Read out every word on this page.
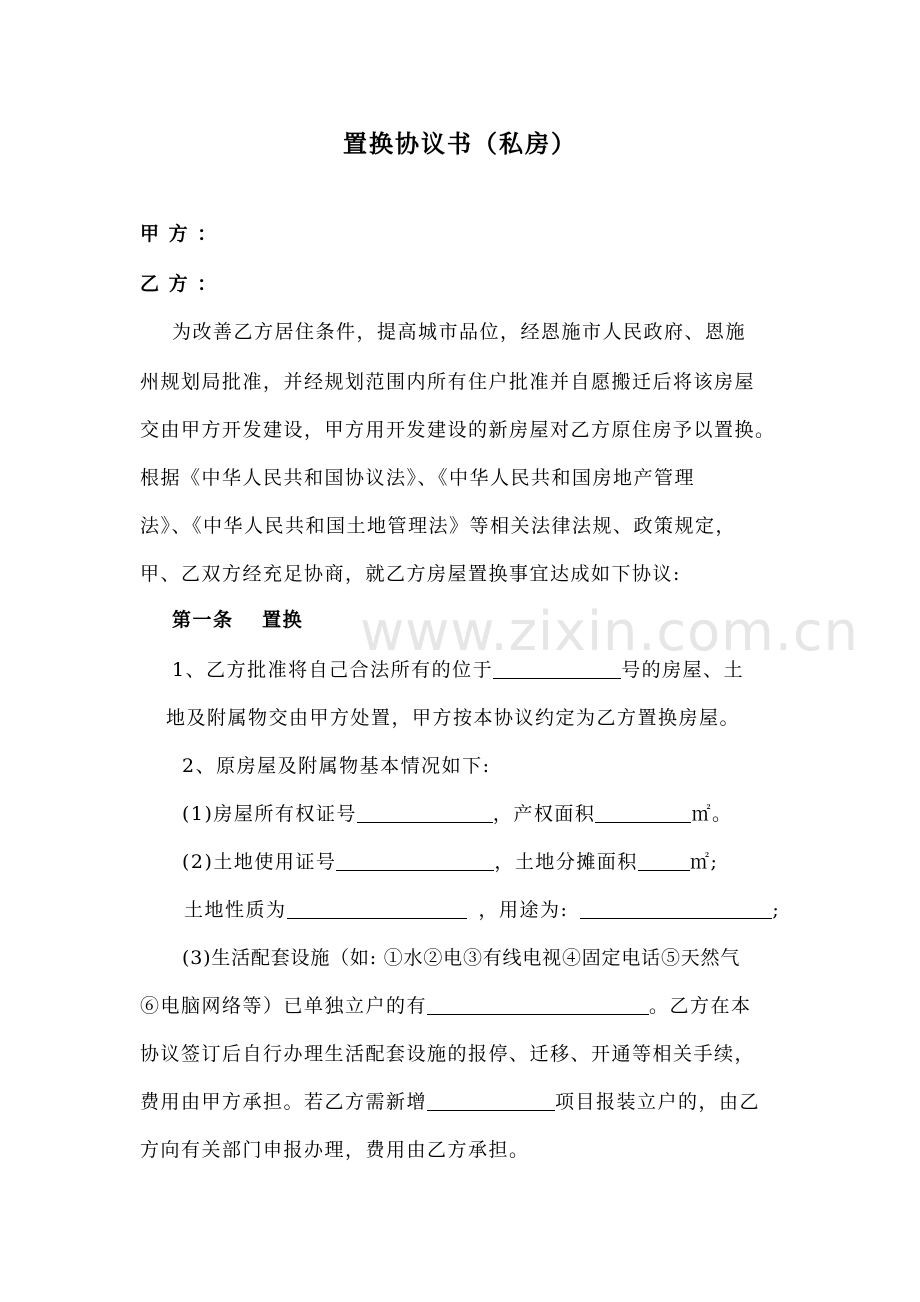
www.zixin.com.cn
置换协议书（私房）
甲 方 ：
乙 方 ：
为改善乙方居住条件，提高城市品位，经恩施市人民政府、恩施
州规划局批准，并经规划范围内所有住户批准并自愿搬迁后将该房屋
交由甲方开发建设，甲方用开发建设的新房屋对乙方原住房予以置换。
根据《中华人民共和国协议法》、《中华人民共和国房地产管理
法》、《中华人民共和国土地管理法》等相关法律法规、政策规定，
甲、乙双方经充足协商，就乙方房屋置换事宜达成如下协议:
第一条　 置换
1、乙方批准将自己合法所有的位于	号的房屋、土
地及附属物交由甲方处置，甲方按本协议约定为乙方置换房屋。
2、原房屋及附属物基本情况如下:
(1)房屋所有权证号	，产权面积	㎡。
(2)土地使用证号	，土地分摊面积	㎡;
土地性质为	，用途为:	;
(3)生活配套设施（如: ①水②电③有线电视④固定电话⑤天然气
⑥电脑网络等）已单独立户的有	。乙方在本
协议签订后自行办理生活配套设施的报停、迁移、开通等相关手续，
费用由甲方承担。若乙方需新增	项目报装立户的，由乙
方向有关部门申报办理，费用由乙方承担。
